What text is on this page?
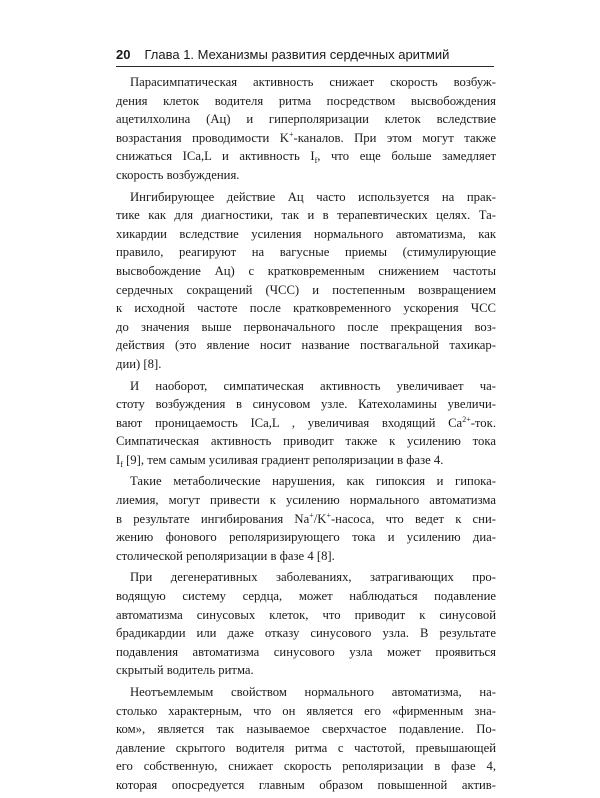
20 Глава 1. Механизмы развития сердечных аритмий
Парасимпатическая активность снижает скорость возбуж-
дения клеток водителя ритма посредством высвобождения
ацетилхолина (Ац) и гиперполяризации клеток вследствие
возрастания проводимости K+-каналов. При этом могут также
снижаться ICa,L и активность $I_f$, что еще больше замедляет
скорость возбуждения.
Ингибирующее действие Ац часто используется на прак-
тике как для диагностики, так и в терапевтических целях. Та-
хикардии вследствие усиления нормального автоматизма, как
правило, реагируют на вагусные приемы (стимулирующие
высвобождение Ац) с кратковременным снижением частоты
сердечных сокращений (ЧСС) и постепенным возвращением
к исходной частоте после кратковременного ускорения ЧСС
до значения выше первоначального после прекращения воз-
действия (это явление носит название поствагальной тахикар-
дии) [8].
И наоборот, симпатическая активность увеличивает ча-
стоту возбуждения в синусовом узле. Катехоламины увеличи-
вают проницаемость ICa,L , увеличивая входящий $Ca^{2+}$-ток.
Симпатическая активность приводит также к усилению тока
$I_f$ [9], тем самым усиливая градиент реполяризации в фазе 4.
Такие метаболические нарушения, как гипоксия и гипока-
лиемия, могут привести к усилению нормального автоматизма
в результате ингибирования Na+/K+-насоса, что ведет к сни-
жению фонового реполяризирующего тока и усилению диа-
столической реполяризации в фазе 4 [8].
При дегенеративных заболеваниях, затрагивающих про-
водящую систему сердца, может наблюдаться подавление
автоматизма синусовых клеток, что приводит к синусовой
брадикардии или даже отказу синусового узла. В результате
подавления автоматизма синусового узла может проявиться
скрытый водитель ритма.
Неотъемлемым свойством нормального автоматизма, на-
столько характерным, что он является его «фирменным зна-
ком», является так называемое сверхчастое подавление. По-
давление скрытого водителя ритма с частотой, превышающей
его собственную, снижает скорость реполяризации в фазе 4,
которая опосредуется главным образом повышенной актив-
